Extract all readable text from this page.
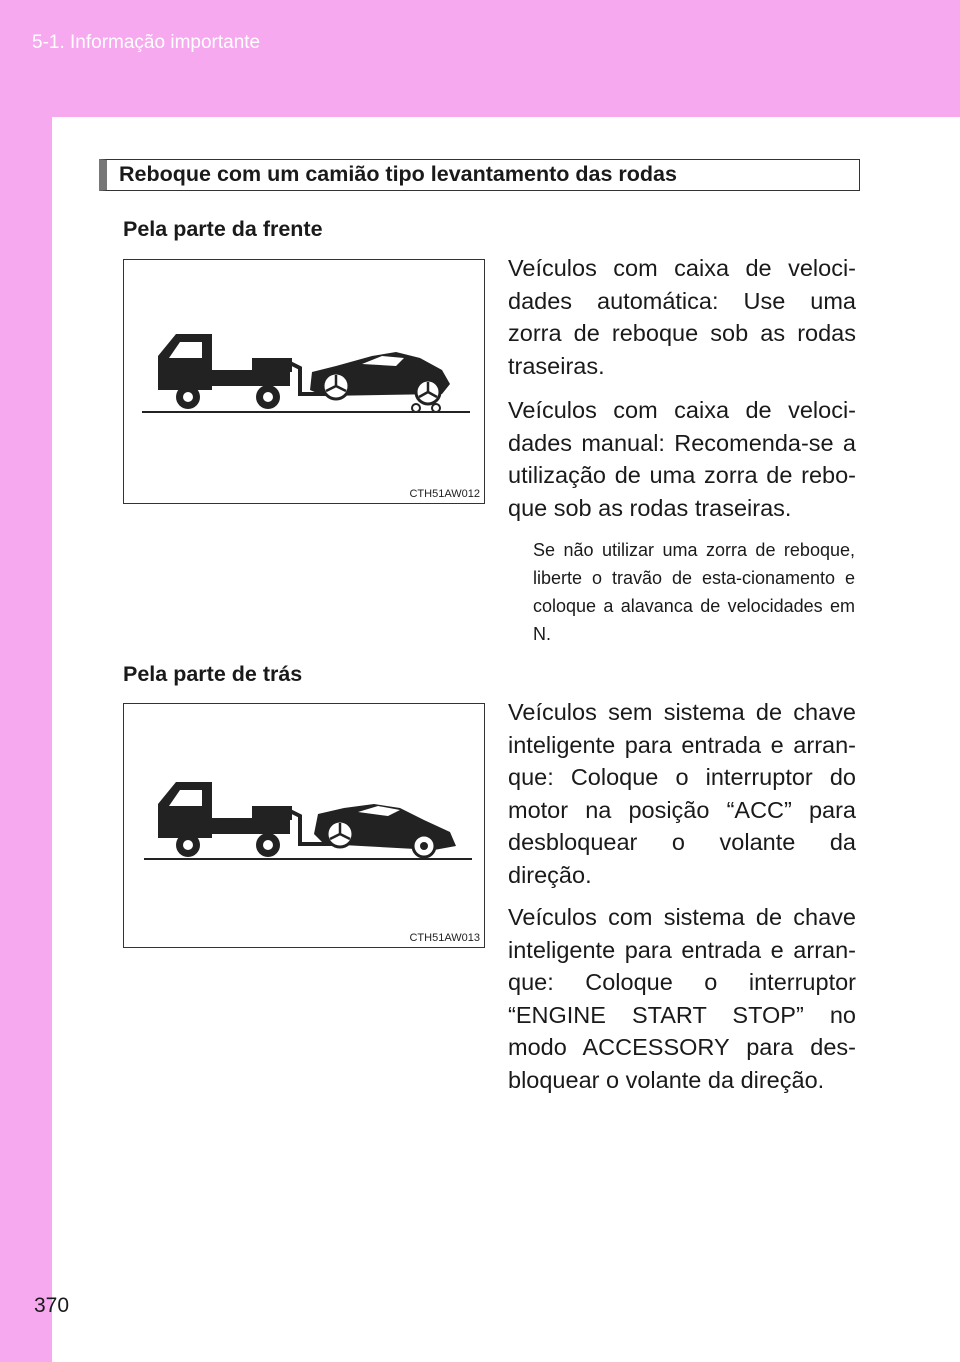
5-1. Informação importante
370
Reboque com um camião tipo levantamento das rodas
Pela parte da frente
CTH51AW012

Veículos com caixa de veloci-dades automática: Use uma zorra de reboque sob as rodas traseiras.

Veículos com caixa de veloci-dades manual: Recomenda-se a utilização de uma zorra de rebo-que sob as rodas traseiras.

Se não utilizar uma zorra de reboque, liberte o travão de esta-cionamento e coloque a alavanca de velocidades em N.

Pela parte de trás
CTH51AW013

Veículos sem sistema de chave inteligente para entrada e arran-que: Coloque o interruptor do motor na posição “ACC” para desbloquear o volante da direção.

Veículos com sistema de chave inteligente para entrada e arran-que: Coloque o interruptor “ENGINE START STOP” no modo ACCESSORY para des-bloquear o volante da direção.
